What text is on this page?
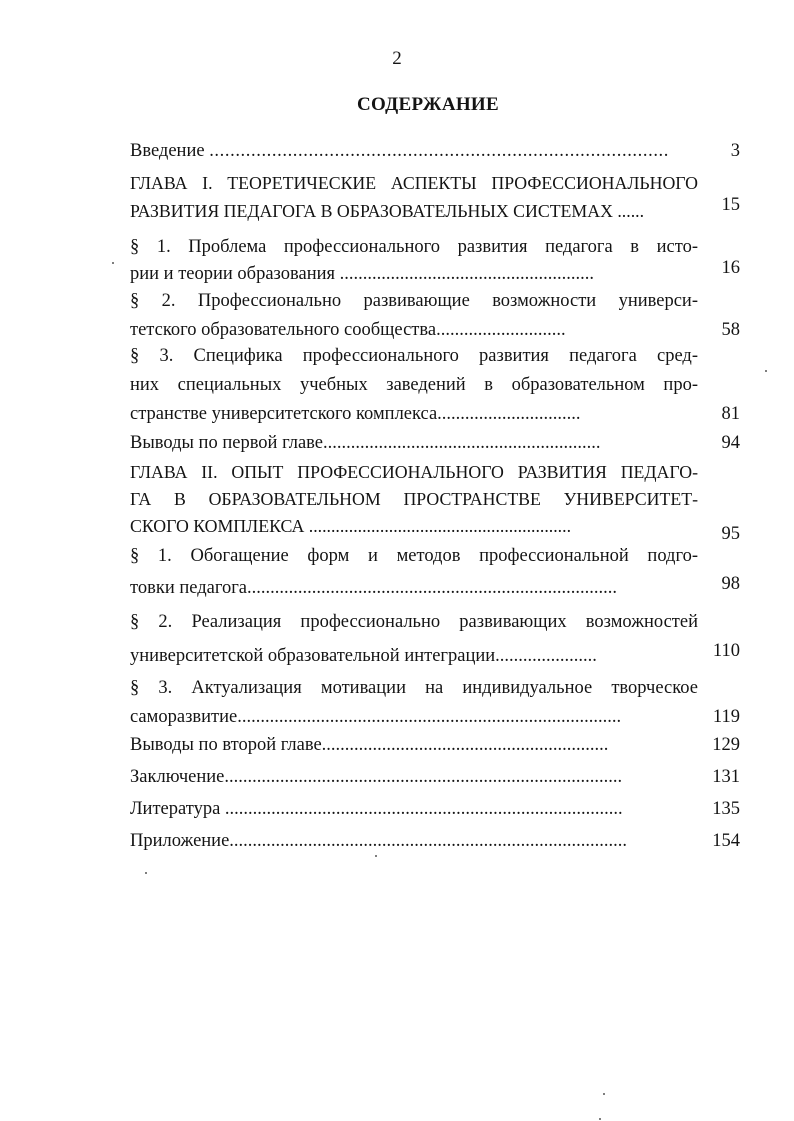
2
СОДЕРЖАНИЕ
Введение ........................................................................................	3
ГЛАВА I. ТЕОРЕТИЧЕСКИЕ АСПЕКТЫ ПРОФЕССИОНАЛЬНОГО
РАЗВИТИЯ ПЕДАГОГА В ОБРАЗОВАТЕЛЬНЫХ СИСТЕМАХ ......	15
§ 1. Проблема профессионального развития педагога в исто-
рии и теории образования .......................................................	16
§ 2. Профессионально развивающие возможности универси-
тетского образовательного сообщества............................	58
§ 3. Специфика профессионального развития педагога сред-
них специальных учебных заведений в образовательном про-
странстве университетского комплекса...............................	81
Выводы по первой главе............................................................	94
ГЛАВА II. ОПЫТ ПРОФЕССИОНАЛЬНОГО РАЗВИТИЯ ПЕДАГО-
ГА В ОБРАЗОВАТЕЛЬНОМ ПРОСТРАНСТВЕ УНИВЕРСИТЕТ-
СКОГО КОМПЛЕКСА ...........................................................	95
§ 1. Обогащение форм и методов профессиональной подго-
товки педагога................................................................................	98
§ 2. Реализация профессионально развивающих возможностей
университетской образовательной интеграции......................	110
§ 3. Актуализация мотивации на индивидуальное творческое
саморазвитие...................................................................................	119
Выводы по второй главе..............................................................	129
Заключение......................................................................................	131
Литература ......................................................................................	135
Приложение......................................................................................	154
